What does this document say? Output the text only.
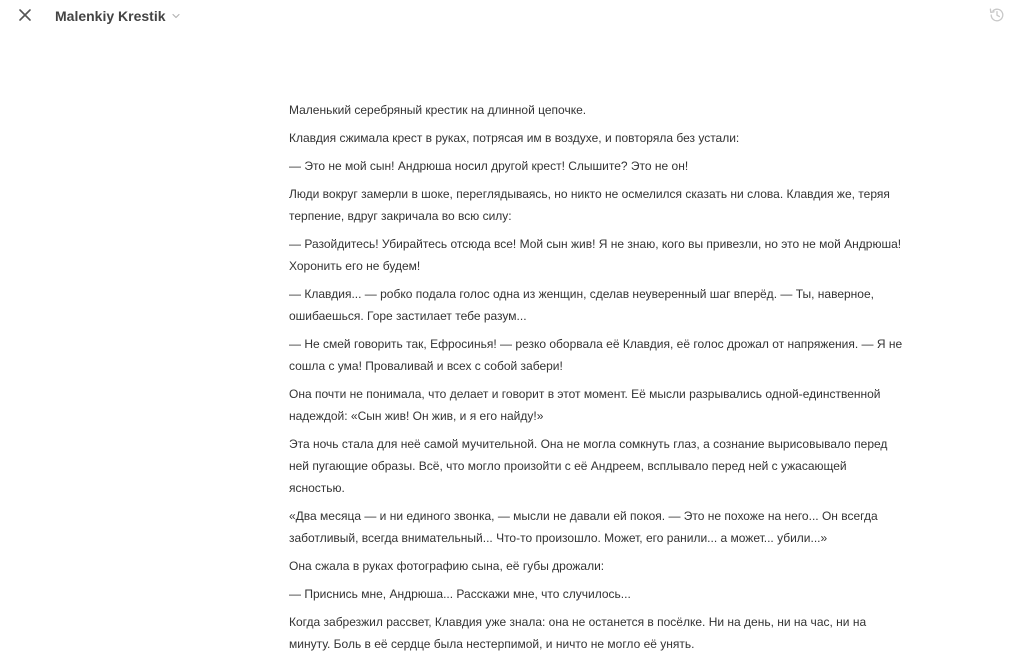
Malenkiy Krestik

Маленький серебряный крестик на длинной цепочке.

Клавдия сжимала крест в руках, потрясая им в воздухе, и повторяла без устали:

— Это не мой сын! Андрюша носил другой крест! Слышите? Это не он!

Люди вокруг замерли в шоке, переглядываясь, но никто не осмелился сказать ни слова. Клавдия же, теряя терпение, вдруг закричала во всю силу:

— Разойдитесь! Убирайтесь отсюда все! Мой сын жив! Я не знаю, кого вы привезли, но это не мой Андрюша! Хоронить его не будем!

— Клавдия... — робко подала голос одна из женщин, сделав неуверенный шаг вперёд. — Ты, наверное, ошибаешься. Горе застилает тебе разум...

— Не смей говорить так, Ефросинья! — резко оборвала её Клавдия, её голос дрожал от напряжения. — Я не сошла с ума! Проваливай и всех с собой забери!

Она почти не понимала, что делает и говорит в этот момент. Её мысли разрывались одной-единственной надеждой: «Сын жив! Он жив, и я его найду!»

Эта ночь стала для неё самой мучительной. Она не могла сомкнуть глаз, а сознание вырисовывало перед ней пугающие образы. Всё, что могло произойти с её Андреем, всплывало перед ней с ужасающей ясностью.

«Два месяца — и ни единого звонка, — мысли не давали ей покоя. — Это не похоже на него... Он всегда заботливый, всегда внимательный... Что-то произошло. Может, его ранили... а может... убили...»

Она сжала в руках фотографию сына, её губы дрожали:

— Приснись мне, Андрюша... Расскажи мне, что случилось...

Когда забрезжил рассвет, Клавдия уже знала: она не останется в посёлке. Ни на день, ни на час, ни на минуту. Боль в её сердце была нестерпимой, и ничто не могло её унять.
